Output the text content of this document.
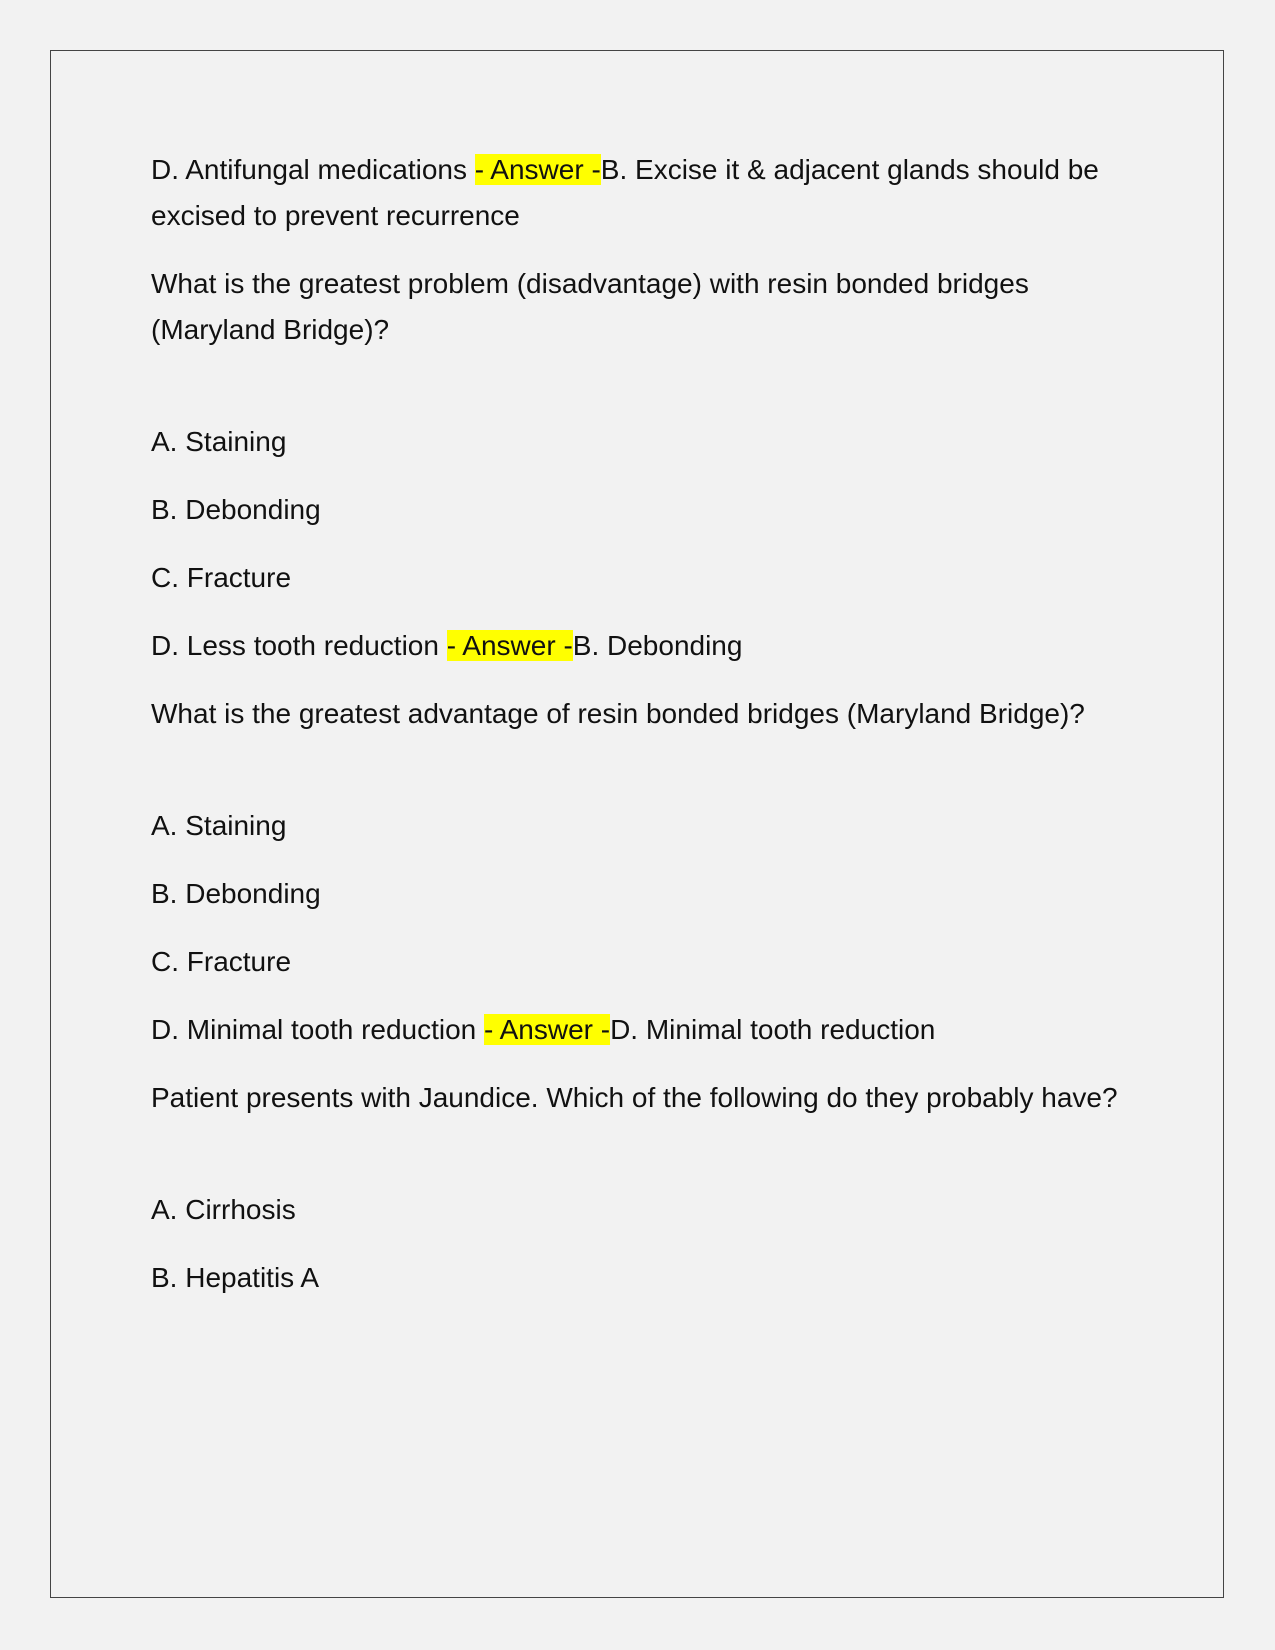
D. Antifungal medications - Answer -B. Excise it & adjacent glands should be excised to prevent recurrence

What is the greatest problem (disadvantage) with resin bonded bridges (Maryland Bridge)?

A. Staining

B. Debonding

C. Fracture

D. Less tooth reduction - Answer -B. Debonding

What is the greatest advantage of resin bonded bridges (Maryland Bridge)?

A. Staining

B. Debonding

C. Fracture

D. Minimal tooth reduction - Answer -D. Minimal tooth reduction

Patient presents with Jaundice. Which of the following do they probably have?

A. Cirrhosis

B. Hepatitis A
